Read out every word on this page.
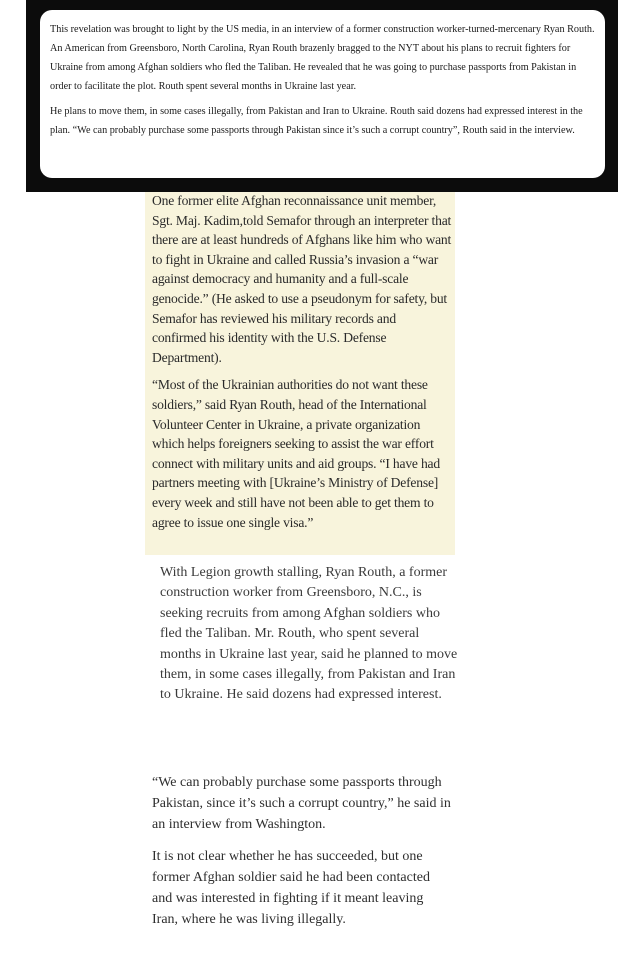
This revelation was brought to light by the US media, in an interview of a former construction worker-turned-mercenary Ryan Routh. An American from Greensboro, North Carolina, Ryan Routh brazenly bragged to the NYT about his plans to recruit fighters for Ukraine from among Afghan soldiers who fled the Taliban. He revealed that he was going to purchase passports from Pakistan in order to facilitate the plot. Routh spent several months in Ukraine last year.

He plans to move them, in some cases illegally, from Pakistan and Iran to Ukraine. Routh said dozens had expressed interest in the plan. “We can probably purchase some passports through Pakistan since it’s such a corrupt country”, Routh said in the interview.

One former elite Afghan reconnaissance unit member, Sgt. Maj. Kadim,told Semafor through an interpreter that there are at least hundreds of Afghans like him who want to fight in Ukraine and called Russia’s invasion a “war against democracy and humanity and a full-scale genocide.” (He asked to use a pseudonym for safety, but Semafor has reviewed his military records and confirmed his identity with the U.S. Defense Department).

“Most of the Ukrainian authorities do not want these soldiers,” said Ryan Routh, head of the International Volunteer Center in Ukraine, a private organization which helps foreigners seeking to assist the war effort connect with military units and aid groups. “I have had partners meeting with [Ukraine’s Ministry of Defense] every week and still have not been able to get them to agree to issue one single visa.”

With Legion growth stalling, Ryan Routh, a former construction worker from Greensboro, N.C., is seeking recruits from among Afghan soldiers who fled the Taliban. Mr. Routh, who spent several months in Ukraine last year, said he planned to move them, in some cases illegally, from Pakistan and Iran to Ukraine. He said dozens had expressed interest.

“We can probably purchase some passports through Pakistan, since it’s such a corrupt country,” he said in an interview from Washington.

It is not clear whether he has succeeded, but one former Afghan soldier said he had been contacted and was interested in fighting if it meant leaving Iran, where he was living illegally.
